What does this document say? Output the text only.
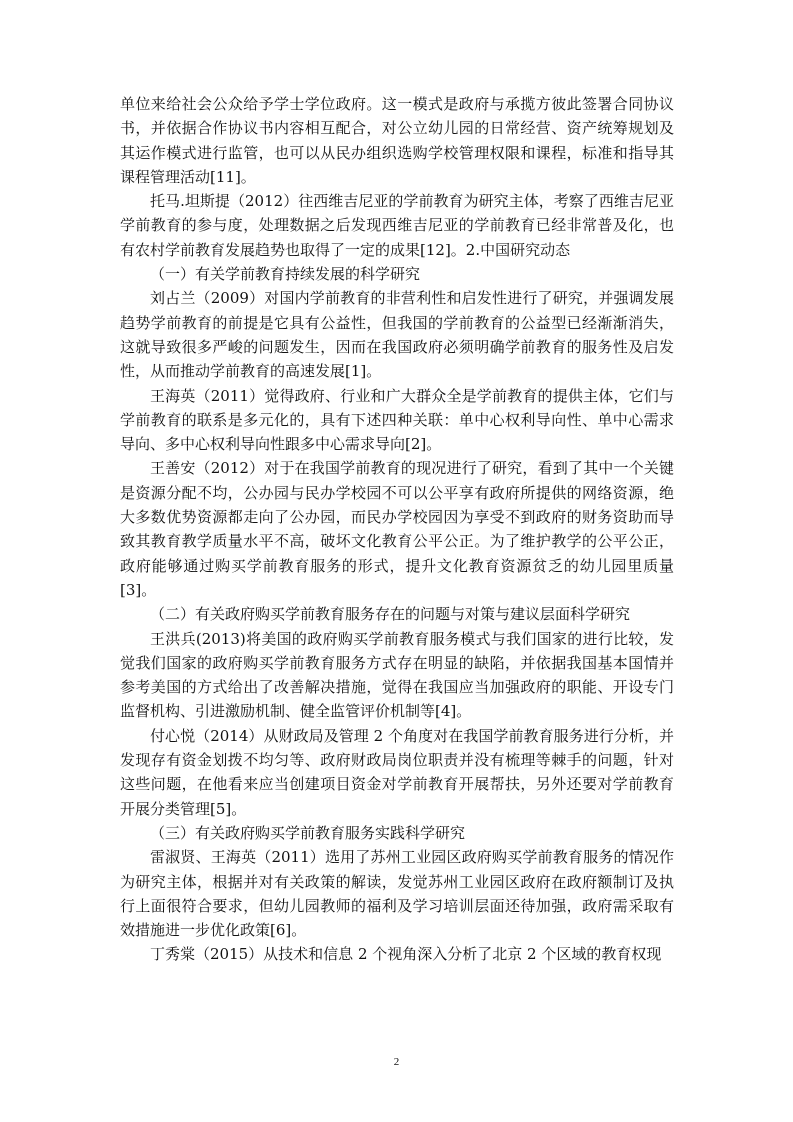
单位来给社会公众给予学士学位政府。这一模式是政府与承揽方彼此签署合同协议书，并依据合作协议书内容相互配合，对公立幼儿园的日常经营、资产统筹规划及其运作模式进行监管，也可以从民办组织选购学校管理权限和课程，标准和指导其课程管理活动[11]。

托马.坦斯提（2012）往西维吉尼亚的学前教育为研究主体，考察了西维吉尼亚学前教育的参与度，处理数据之后发现西维吉尼亚的学前教育已经非常普及化，也有农村学前教育发展趋势也取得了一定的成果[12]。2.中国研究动态

（一）有关学前教育持续发展的科学研究

刘占兰（2009）对国内学前教育的非营利性和启发性进行了研究，并强调发展趋势学前教育的前提是它具有公益性，但我国的学前教育的公益型已经渐渐消失，这就导致很多严峻的问题发生，因而在我国政府必须明确学前教育的服务性及启发性，从而推动学前教育的高速发展[1]。

王海英（2011）觉得政府、行业和广大群众全是学前教育的提供主体，它们与学前教育的联系是多元化的，具有下述四种关联：单中心权利导向性、单中心需求导向、多中心权利导向性跟多中心需求导向[2]。

王善安（2012）对于在我国学前教育的现况进行了研究，看到了其中一个关键是资源分配不均，公办园与民办学校园不可以公平享有政府所提供的网络资源，绝大多数优势资源都走向了公办园，而民办学校园因为享受不到政府的财务资助而导致其教育教学质量水平不高，破坏文化教育公平公正。为了维护教学的公平公正，政府能够通过购买学前教育服务的形式，提升文化教育资源贫乏的幼儿园里质量[3]。

（二）有关政府购买学前教育服务存在的问题与对策与建议层面科学研究

王洪兵(2013)将美国的政府购买学前教育服务模式与我们国家的进行比较，发觉我们国家的政府购买学前教育服务方式存在明显的缺陷，并依据我国基本国情并参考美国的方式给出了改善解决措施，觉得在我国应当加强政府的职能、开设专门监督机构、引进激励机制、健全监管评价机制等[4]。

付心悦（2014）从财政局及管理 2 个角度对在我国学前教育服务进行分析，并发现存有资金划拨不均匀等、政府财政局岗位职责并没有梳理等棘手的问题，针对这些问题，在他看来应当创建项目资金对学前教育开展帮扶，另外还要对学前教育开展分类管理[5]。

（三）有关政府购买学前教育服务实践科学研究

雷淑贤、王海英（2011）选用了苏州工业园区政府购买学前教育服务的情况作为研究主体，根据并对有关政策的解读，发觉苏州工业园区政府在政府额制订及执行上面很符合要求，但幼儿园教师的福利及学习培训层面还待加强，政府需采取有效措施进一步优化政策[6]。

丁秀棠（2015）从技术和信息 2 个视角深入分析了北京 2 个区域的教育权现

2
